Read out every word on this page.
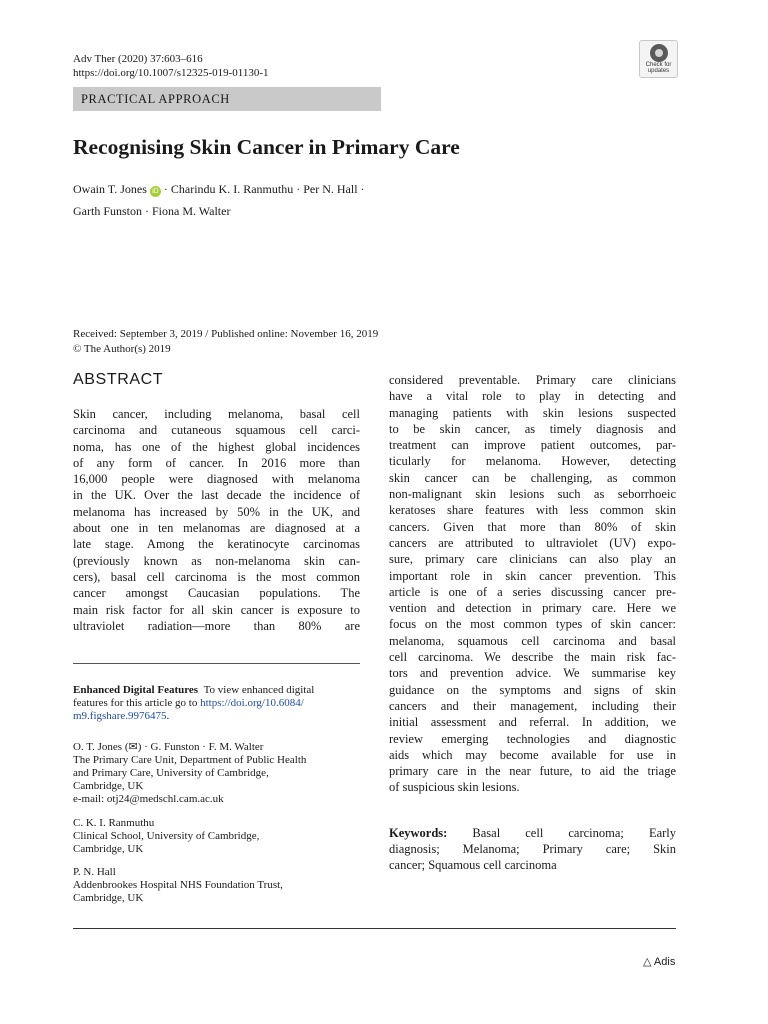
Adv Ther (2020) 37:603–616
https://doi.org/10.1007/s12325-019-01130-1
Check for
updates
PRACTICAL APPROACH
Recognising Skin Cancer in Primary Care
Owain T. Jones iD · Charindu K. I. Ranmuthu · Per N. Hall ·
Garth Funston · Fiona M. Walter
Received: September 3, 2019 / Published online: November 16, 2019
© The Author(s) 2019
ABSTRACT
Skin cancer, including melanoma, basal cell
carcinoma and cutaneous squamous cell carci-
noma, has one of the highest global incidences
of any form of cancer. In 2016 more than
16,000 people were diagnosed with melanoma
in the UK. Over the last decade the incidence of
melanoma has increased by 50% in the UK, and
about one in ten melanomas are diagnosed at a
late stage. Among the keratinocyte carcinomas
(previously known as non-melanoma skin can-
cers), basal cell carcinoma is the most common
cancer amongst Caucasian populations. The
main risk factor for all skin cancer is exposure to
ultraviolet radiation—more than 80% are
considered preventable. Primary care clinicians
have a vital role to play in detecting and
managing patients with skin lesions suspected
to be skin cancer, as timely diagnosis and
treatment can improve patient outcomes, par-
ticularly for melanoma. However, detecting
skin cancer can be challenging, as common
non-malignant skin lesions such as seborrhoeic
keratoses share features with less common skin
cancers. Given that more than 80% of skin
cancers are attributed to ultraviolet (UV) expo-
sure, primary care clinicians can also play an
important role in skin cancer prevention. This
article is one of a series discussing cancer pre-
vention and detection in primary care. Here we
focus on the most common types of skin cancer:
melanoma, squamous cell carcinoma and basal
cell carcinoma. We describe the main risk fac-
tors and prevention advice. We summarise key
guidance on the symptoms and signs of skin
cancers and their management, including their
initial assessment and referral. In addition, we
review emerging technologies and diagnostic
aids which may become available for use in
primary care in the near future, to aid the triage
of suspicious skin lesions.
Enhanced Digital Features To view enhanced digital
features for this article go to https://doi.org/10.6084/
m9.figshare.9976475.
O. T. Jones (✉) · G. Funston · F. M. Walter
The Primary Care Unit, Department of Public Health
and Primary Care, University of Cambridge,
Cambridge, UK
e-mail: otj24@medschl.cam.ac.uk
C. K. I. Ranmuthu
Clinical School, University of Cambridge,
Cambridge, UK
P. N. Hall
Addenbrookes Hospital NHS Foundation Trust,
Cambridge, UK
Keywords: Basal cell carcinoma; Early
diagnosis; Melanoma; Primary care; Skin
cancer; Squamous cell carcinoma
△ Adis
